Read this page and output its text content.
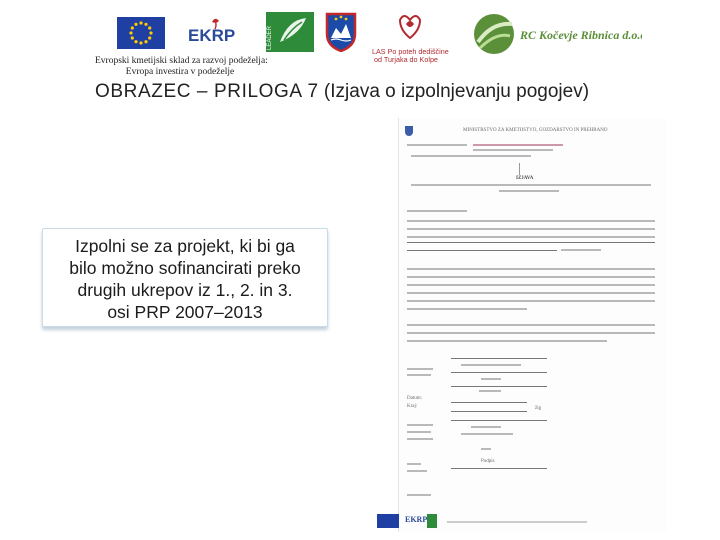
EKRP	LEADER
LAS Po poteh dediščine
od Turjaka do Kolpe
RC Kočevje Ribnica d.o.o.
Evropski kmetijski sklad za razvoj podeželja:
Evropa investira v podeželje
OBRAZEC – PRILOGA 7 (Izjava o izpolnjevanju pogojev)
Izpolni se za projekt, ki bi ga
bilo možno sofinancirati preko
drugih ukrepov iz 1., 2. in 3.
osi PRP 2007–2013
MINISTRSTVO ZA KMETIJSTVO, GOZDARSTVO IN PREHRANO
IZJAVA
Datum:
Kraj:	žig
Podpis
EKRP
